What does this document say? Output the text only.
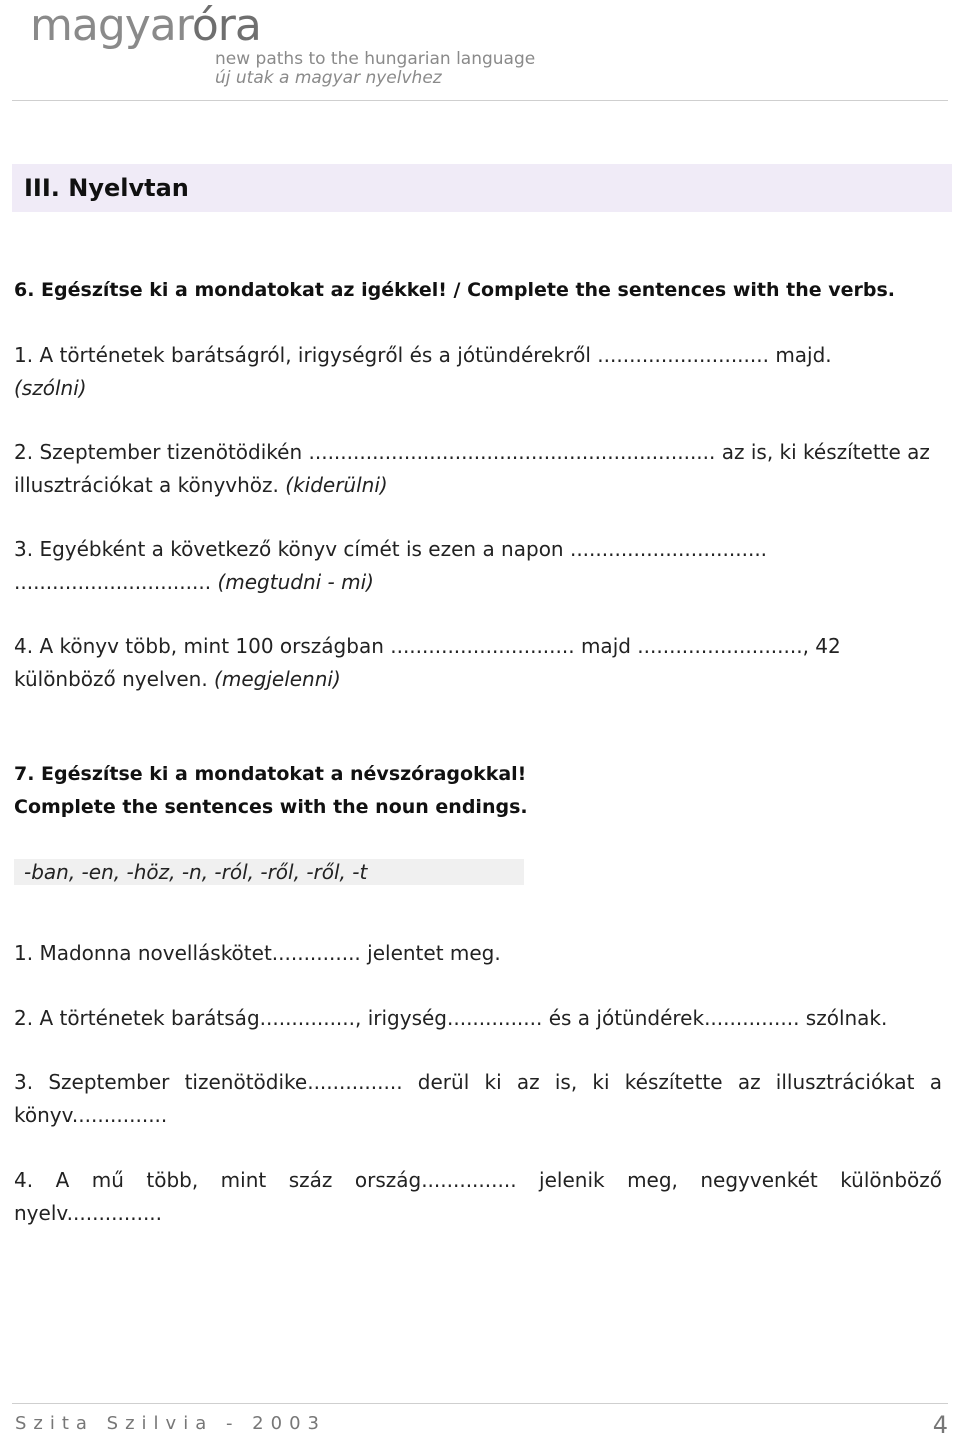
magyaróra
new paths to the hungarian language
új utak a magyar nyelvhez
III. Nyelvtan
6. Egészítse ki a mondatokat az igékkel! / Complete the sentences with the verbs.
1. A történetek barátságról, irigységről és a jótündérekről ........................... majd.
(szólni)
2. Szeptember tizenötödikén ................................................................ az is, ki készítette az
illusztrációkat a könyvhöz. (kiderülni)
3. Egyébként a következő könyv címét is ezen a napon ...............................
............................... (megtudni - mi)
4. A könyv több, mint 100 országban ............................. majd .........................., 42
különböző nyelven. (megjelenni)
7. Egészítse ki a mondatokat a névszóragokkal!
Complete the sentences with the noun endings.
-ban, -en, -höz, -n, -ról, -ről, -ről, -t
1. Madonna novelláskötet.............. jelentet meg.
2. A történetek barátság..............., irigység............... és a jótündérek............... szólnak.
3. Szeptember tizenötödike............... derül ki az is, ki készítette az illusztrációkat a
könyv...............
4. A mű több, mint száz ország............... jelenik meg, negyvenkét különböző
nyelv...............
Szita Szilvia - 2003	4
